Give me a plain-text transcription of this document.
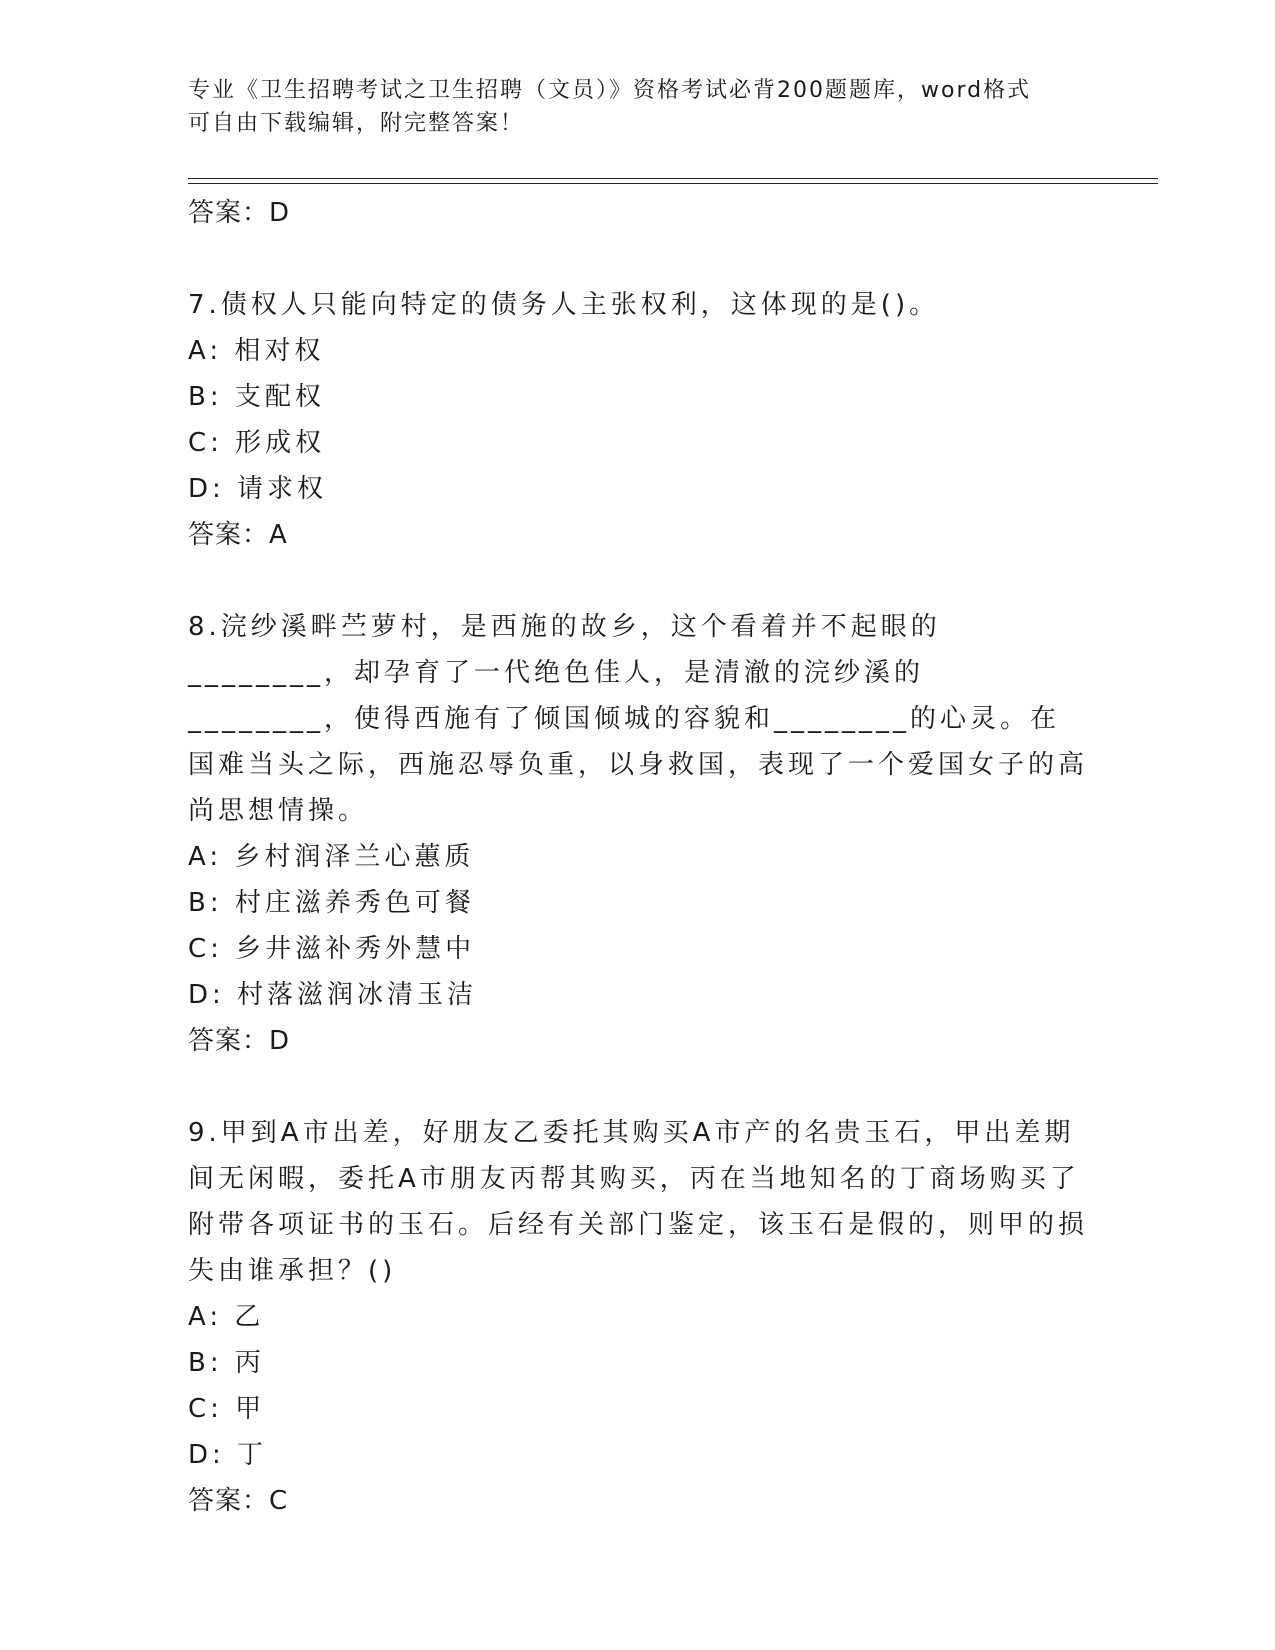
专业《卫生招聘考试之卫生招聘（文员）》资格考试必背200题题库，word格式
可自由下载编辑，附完整答案！
答案：D
7.债权人只能向特定的债务人主张权利，这体现的是()。
A: 相对权
B: 支配权
C: 形成权
D: 请求权
答案：A
8.浣纱溪畔苎萝村，是西施的故乡，这个看着并不起眼的________，却孕育了一代绝色佳人，是清澈的浣纱溪的________，使得西施有了倾国倾城的容貌和________的心灵。在国难当头之际，西施忍辱负重，以身救国，表现了一个爱国女子的高尚思想情操。
A: 乡村润泽兰心蕙质
B: 村庄滋养秀色可餐
C: 乡井滋补秀外慧中
D: 村落滋润冰清玉洁
答案：D
9.甲到A市出差，好朋友乙委托其购买A市产的名贵玉石，甲出差期间无闲暇，委托A市朋友丙帮其购买，丙在当地知名的丁商场购买了附带各项证书的玉石。后经有关部门鉴定，该玉石是假的，则甲的损失由谁承担？()
A: 乙
B: 丙
C: 甲
D: 丁
答案：C
